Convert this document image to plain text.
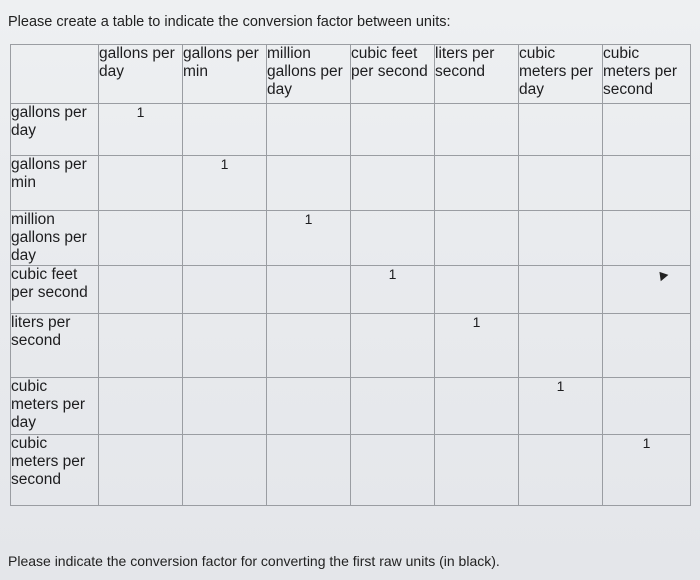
Please create a table to indicate the conversion factor between units:
	gallons per day	gallons per min	million gallons per day	cubic feet per second	liters per second	cubic meters per day	cubic meters per second
gallons per day	1						
gallons per min		1					
million gallons per day			1				
cubic feet per second				1			
liters per second					1		
cubic meters per day						1	
cubic meters per second							1
Please indicate the conversion factor for converting the first raw units (in black).
